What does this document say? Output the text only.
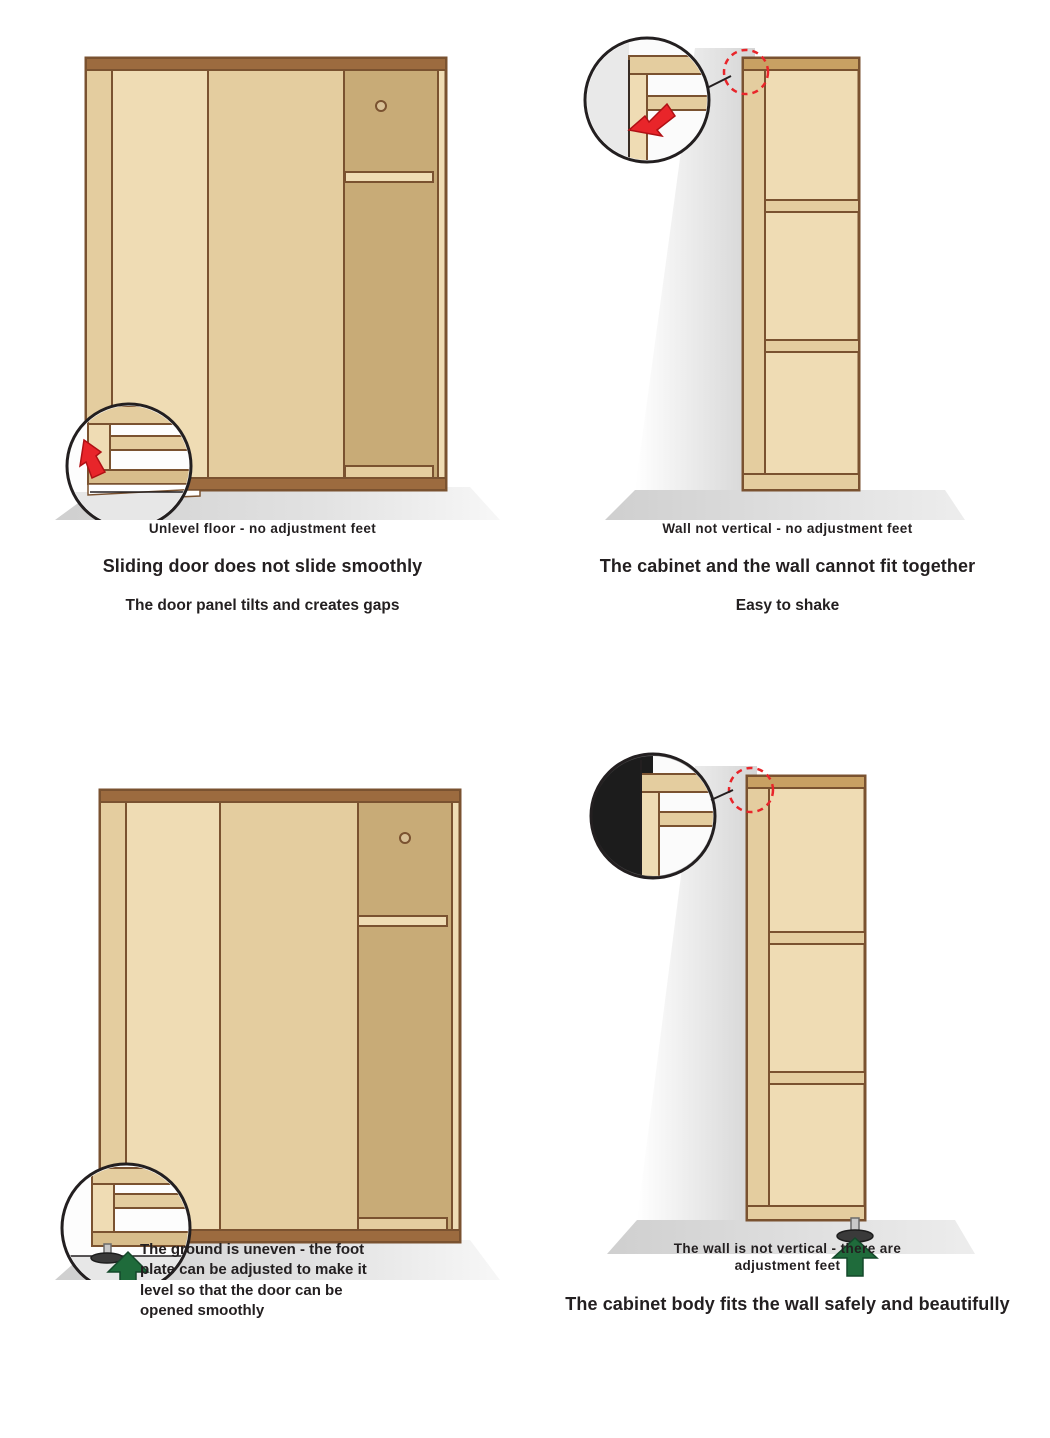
Unlevel floor - no adjustment feet
Sliding door does not slide smoothly
The door panel tilts and creates gaps
Wall not vertical - no adjustment feet
The cabinet and the wall cannot fit together
Easy to shake
The ground is uneven - the foot
plate can be adjusted to make it
level so that the door can be
opened smoothly
The wall is not vertical - there are
adjustment feet
The cabinet body fits the wall safely and beautifully
